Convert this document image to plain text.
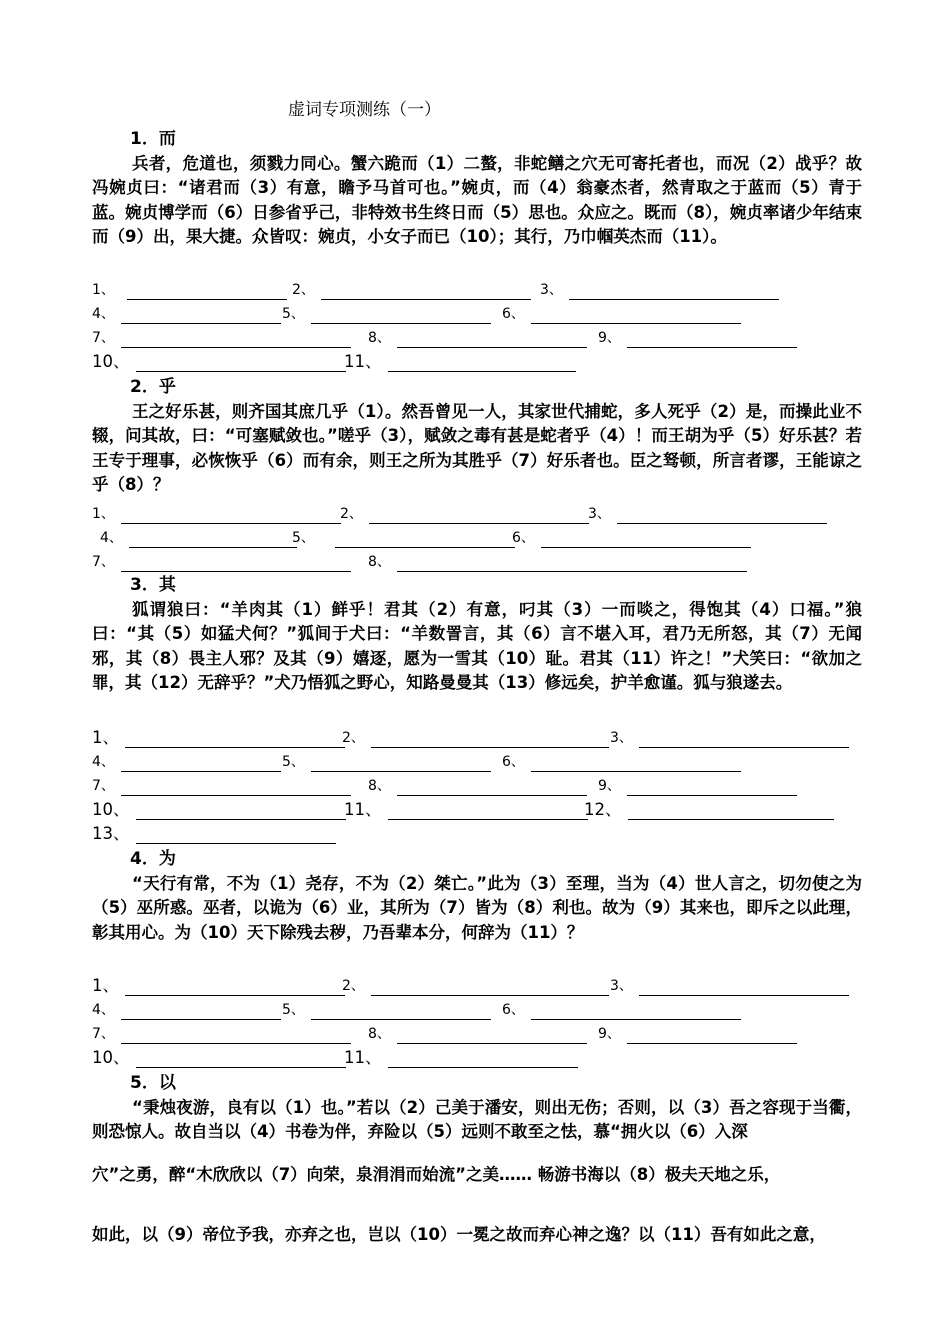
虚词专项测练（一）
1．而

兵者，危道也，须戮力同心。蟹六跪而（1）二螯，非蛇鳝之穴无可寄托者也，而况（2）战乎？故冯婉贞曰：“诸君而（3）有意，瞻予马首可也。”婉贞，而（4）翁豪杰者，然青取之于蓝而（5）青于蓝。婉贞博学而（6）日参省乎己，非特效书生终日而（5）思也。众应之。既而（8），婉贞率诸少年结束而（9）出，果大捷。众皆叹：婉贞，小女子而已（10）；其行，乃巾帼英杰而（11）。

1、	2、	3、
4、	5、	6、
7、	8、	9、
10、	11、
2．乎

王之好乐甚，则齐国其庶几乎（1）。然吾曾见一人，其家世代捕蛇，多人死乎（2）是，而操此业不辍，问其故，曰：“可塞赋敛也。”嗟乎（3），赋敛之毒有甚是蛇者乎（4）！而王胡为乎（5）好乐甚？若王专于理事，必恢恢乎（6）而有余，则王之所为其胜乎（7）好乐者也。臣之驽顿，所言者谬，王能谅之乎（8）？

1、	2、	3、
4、	5、	6、
7、	8、
3．其

狐谓狼曰：“羊肉其（1）鲜乎！君其（2）有意，叼其（3）一而啖之，得饱其（4）口福。”狼曰：“其（5）如猛犬何？”狐间于犬曰：“羊数詈言，其（6）言不堪入耳，君乃无所怒，其（7）无闻邪，其（8）畏主人邪？及其（9）嬉逐，愿为一雪其（10）耻。君其（11）许之！”犬笑曰：“欲加之罪，其（12）无辞乎？”犬乃悟狐之野心，知路曼曼其（13）修远矣，护羊愈谨。狐与狼遂去。

1、	2、	3、
4、	5、	6、
7、	8、	9、
10、	11、	12、
13、
4．为

“天行有常，不为（1）尧存，不为（2）桀亡。”此为（3）至理，当为（4）世人言之，切勿使之为（5）巫所惑。巫者，以诡为（6）业，其所为（7）皆为（8）利也。故为（9）其来也，即斥之以此理，彰其用心。为（10）天下除残去秽，乃吾辈本分，何辞为（11）？

1、	2、	3、
4、	5、	6、
7、	8、	9、
10、	11、
5．以

“秉烛夜游，良有以（1）也。”若以（2）己美于潘安，则出无伤；否则，以（3）吾之容现于当衢，则恐惊人。故自当以（4）书卷为伴，弃险以（5）远则不敢至之怯，慕“拥火以（6）入深

穴”之勇，醉“木欣欣以（7）向荣，泉涓涓而始流”之美…… 畅游书海以（8）极夫天地之乐，

如此，以（9）帝位予我，亦弃之也，岂以（10）一冕之故而弃心神之逸？以（11）吾有如此之意，
